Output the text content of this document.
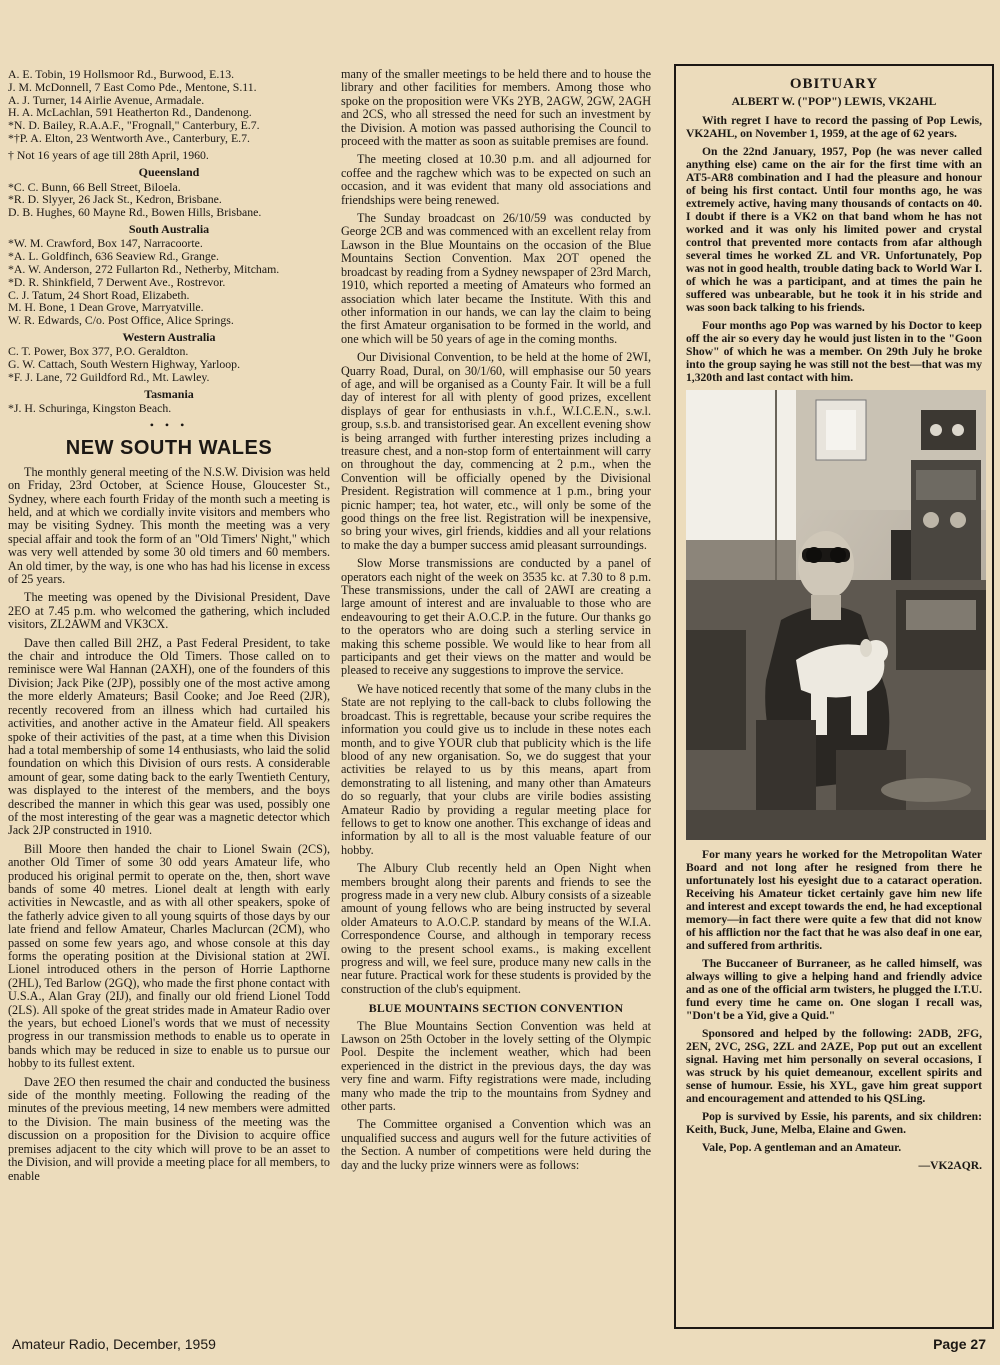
A. E. Tobin, 19 Hollsmoor Rd., Burwood, E.13.
J. M. McDonnell, 7 East Como Pde., Mentone, S.11.
A. J. Turner, 14 Airlie Avenue, Armadale.
H. A. McLachlan, 591 Heatherton Rd., Dandenong.
*N. D. Bailey, R.A.A.F., "Frognall," Canterbury, E.7.
*†P. A. Elton, 23 Wentworth Ave., Canterbury, E.7.
† Not 16 years of age till 28th April, 1960.
Queensland
*C. C. Bunn, 66 Bell Street, Biloela.
*R. D. Slyyer, 26 Jack St., Kedron, Brisbane.
D. B. Hughes, 60 Mayne Rd., Bowen Hills, Brisbane.
South Australia
*W. M. Crawford, Box 147, Narracoorte.
*A. L. Goldfinch, 636 Seaview Rd., Grange.
*A. W. Anderson, 272 Fullarton Rd., Netherby, Mitcham.
*D. R. Shinkfield, 7 Derwent Ave., Rostrevor.
C. J. Tatum, 24 Short Road, Elizabeth.
M. H. Bone, 1 Dean Grove, Marryatville.
W. R. Edwards, C/o. Post Office, Alice Springs.
Western Australia
C. T. Power, Box 377, P.O. Geraldton.
G. W. Cattach, South Western Highway, Yarloop.
*F. J. Lane, 72 Guildford Rd., Mt. Lawley.
Tasmania
*J. H. Schuringa, Kingston Beach.
• • •
NEW SOUTH WALES

The monthly general meeting of the N.S.W. Division was held on Friday, 23rd October, at Science House, Gloucester St., Sydney, where each fourth Friday of the month such a meeting is held, and at which we cordially invite visitors and members who may be visiting Sydney. This month the meeting was a very special affair and took the form of an "Old Timers' Night," which was very well attended by some 30 old timers and 60 members. An old timer, by the way, is one who has had his license in excess of 25 years.

The meeting was opened by the Divisional President, Dave 2EO at 7.45 p.m. who welcomed the gathering, which included visitors, ZL2AWM and VK3CX.

Dave then called Bill 2HZ, a Past Federal President, to take the chair and introduce the Old Timers. Those called on to reminisce were Wal Hannan (2AXH), one of the founders of this Division; Jack Pike (2JP), possibly one of the most active among the more elderly Amateurs; Basil Cooke; and Joe Reed (2JR), recently recovered from an illness which had curtailed his activities, and another active in the Amateur field. All speakers spoke of their activities of the past, at a time when this Division had a total membership of some 14 enthusiasts, who laid the solid foundation on which this Division of ours rests. A considerable amount of gear, some dating back to the early Twentieth Century, was displayed to the interest of the members, and the boys described the manner in which this gear was used, possibly one of the most interesting of the gear was a magnetic detector which Jack 2JP constructed in 1910.

Bill Moore then handed the chair to Lionel Swain (2CS), another Old Timer of some 30 odd years Amateur life, who produced his original permit to operate on the, then, short wave bands of some 40 metres. Lionel dealt at length with early activities in Newcastle, and as with all other speakers, spoke of the fatherly advice given to all young squirts of those days by our late friend and fellow Amateur, Charles Maclurcan (2CM), who passed on some few years ago, and whose console at this day forms the operating position at the Divisional station at 2WI. Lionel introduced others in the person of Horrie Lapthorne (2HL), Ted Barlow (2GQ), who made the first phone contact with U.S.A., Alan Gray (2IJ), and finally our old friend Lionel Todd (2LS). All spoke of the great strides made in Amateur Radio over the years, but echoed Lionel's words that we must of necessity progress in our transmission methods to enable us to operate in bands which may be reduced in size to enable us to pursue our hobby to its fullest extent.

Dave 2EO then resumed the chair and conducted the business side of the monthly meeting. Following the reading of the minutes of the previous meeting, 14 new members were admitted to the Division. The main business of the meeting was the discussion on a proposition for the Division to acquire office premises adjacent to the city which will prove to be an asset to the Division, and will provide a meeting place for all members, to enable

many of the smaller meetings to be held there and to house the library and other facilities for members. Among those who spoke on the proposition were VKs 2YB, 2AGW, 2GW, 2AGH and 2CS, who all stressed the need for such an investment by the Division. A motion was passed authorising the Council to proceed with the matter as soon as suitable premises are found.

The meeting closed at 10.30 p.m. and all adjourned for coffee and the ragchew which was to be expected on such an occasion, and it was evident that many old associations and friendships were being renewed.

The Sunday broadcast on 26/10/59 was conducted by George 2CB and was commenced with an excellent relay from Lawson in the Blue Mountains on the occasion of the Blue Mountains Section Convention. Max 2OT opened the broadcast by reading from a Sydney newspaper of 23rd March, 1910, which reported a meeting of Amateurs who formed an association which later became the Institute. With this and other information in our hands, we can lay the claim to being the first Amateur organisation to be formed in the world, and one which will be 50 years of age in the coming months.

Our Divisional Convention, to be held at the home of 2WI, Quarry Road, Dural, on 30/1/60, will emphasise our 50 years of age, and will be organised as a County Fair. It will be a full day of interest for all with plenty of good prizes, excellent displays of gear for enthusiasts in v.h.f., W.I.C.E.N., s.w.l. group, s.s.b. and transistorised gear. An excellent evening show is being arranged with further interesting prizes including a treasure chest, and a non-stop form of entertainment will carry on throughout the day, commencing at 2 p.m., when the Convention will be officially opened by the Divisional President. Registration will commence at 1 p.m., bring your picnic hamper; tea, hot water, etc., will only be some of the good things on the free list. Registration will be inexpensive, so bring your wives, girl friends, kiddies and all your relations to make the day a bumper success amid pleasant surroundings.

Slow Morse transmissions are conducted by a panel of operators each night of the week on 3535 kc. at 7.30 to 8 p.m. These transmissions, under the call of 2AWI are creating a large amount of interest and are invaluable to those who are endeavouring to get their A.O.C.P. in the future. Our thanks go to the operators who are doing such a sterling service in making this scheme possible. We would like to hear from all participants and get their views on the matter and would be pleased to receive any suggestions to improve the service.

We have noticed recently that some of the many clubs in the State are not replying to the call-back to clubs following the broadcast. This is regrettable, because your scribe requires the information you could give us to include in these notes each month, and to give YOUR club that publicity which is the life blood of any new organisation. So, we do suggest that your activities be relayed to us by this means, apart from demonstrating to all listening, and many other than Amateurs do so reguarly, that your clubs are virile bodies assisting Amateur Radio by providing a regular meeting place for fellows to get to know one another. This exchange of ideas and information by all to all is the most valuable feature of our hobby.

The Albury Club recently held an Open Night when members brought along their parents and friends to see the progress made in a very new club. Albury consists of a sizeable amount of young fellows who are being instructed by several older Amateurs to A.O.C.P. standard by means of the W.I.A. Correspondence Course, and although in temporary recess owing to the present school exams., is making excellent progress and will, we feel sure, produce many new calls in the near future. Practical work for these students is provided by the construction of the club's equipment.

BLUE MOUNTAINS SECTION CONVENTION

The Blue Mountains Section Convention was held at Lawson on 25th October in the lovely setting of the Olympic Pool. Despite the inclement weather, which had been experienced in the district in the previous days, the day was very fine and warm. Fifty registrations were made, including many who made the trip to the mountains from Sydney and other parts.

The Committee organised a Convention which was an unqualified success and augurs well for the future activities of the Section. A number of competitions were held during the day and the lucky prize winners were as follows:

OBITUARY
ALBERT W. ("POP") LEWIS, VK2AHL

With regret I have to record the passing of Pop Lewis, VK2AHL, on November 1, 1959, at the age of 62 years.

On the 22nd January, 1957, Pop (he was never called anything else) came on the air for the first time with an AT5-AR8 combination and I had the pleasure and honour of being his first contact. Until four months ago, he was extremely active, having many thousands of contacts on 40. I doubt if there is a VK2 on that band whom he has not worked and it was only his limited power and crystal control that prevented more contacts from afar although several times he worked ZL and VR. Unfortunately, Pop was not in good health, trouble dating back to World War I. of which he was a participant, and at times the pain he suffered was unbearable, but he took it in his stride and was soon back talking to his friends.

Four months ago Pop was warned by his Doctor to keep off the air so every day he would just listen in to the "Goon Show" of which he was a member. On 29th July he broke into the group saying he was still not the best—that was my 1,320th and last contact with him.

For many years he worked for the Metropolitan Water Board and not long after he resigned from there he unfortunately lost his eyesight due to a cataract operation. Receiving his Amateur ticket certainly gave him new life and interest and except towards the end, he had exceptional memory—in fact there were quite a few that did not know of his affliction nor the fact that he was also deaf in one ear, and suffered from arthritis.

The Buccaneer of Burraneer, as he called himself, was always willing to give a helping hand and friendly advice and as one of the official arm twisters, he plugged the I.T.U. fund every time he came on. One slogan I recall was, "Don't be a Yid, give a Quid."

Sponsored and helped by the following: 2ADB, 2FG, 2EN, 2VC, 2SG, 2ZL and 2AZE, Pop put out an excellent signal. Having met him personally on several occasions, I was struck by his quiet demeanour, excellent spirits and sense of humour. Essie, his XYL, gave him great support and encouragement and attended to his QSLing.

Pop is survived by Essie, his parents, and six children: Keith, Buck, June, Melba, Elaine and Gwen.

Vale, Pop. A gentleman and an Amateur.

—VK2AQR.

Amateur Radio, December, 1959	Page 27
